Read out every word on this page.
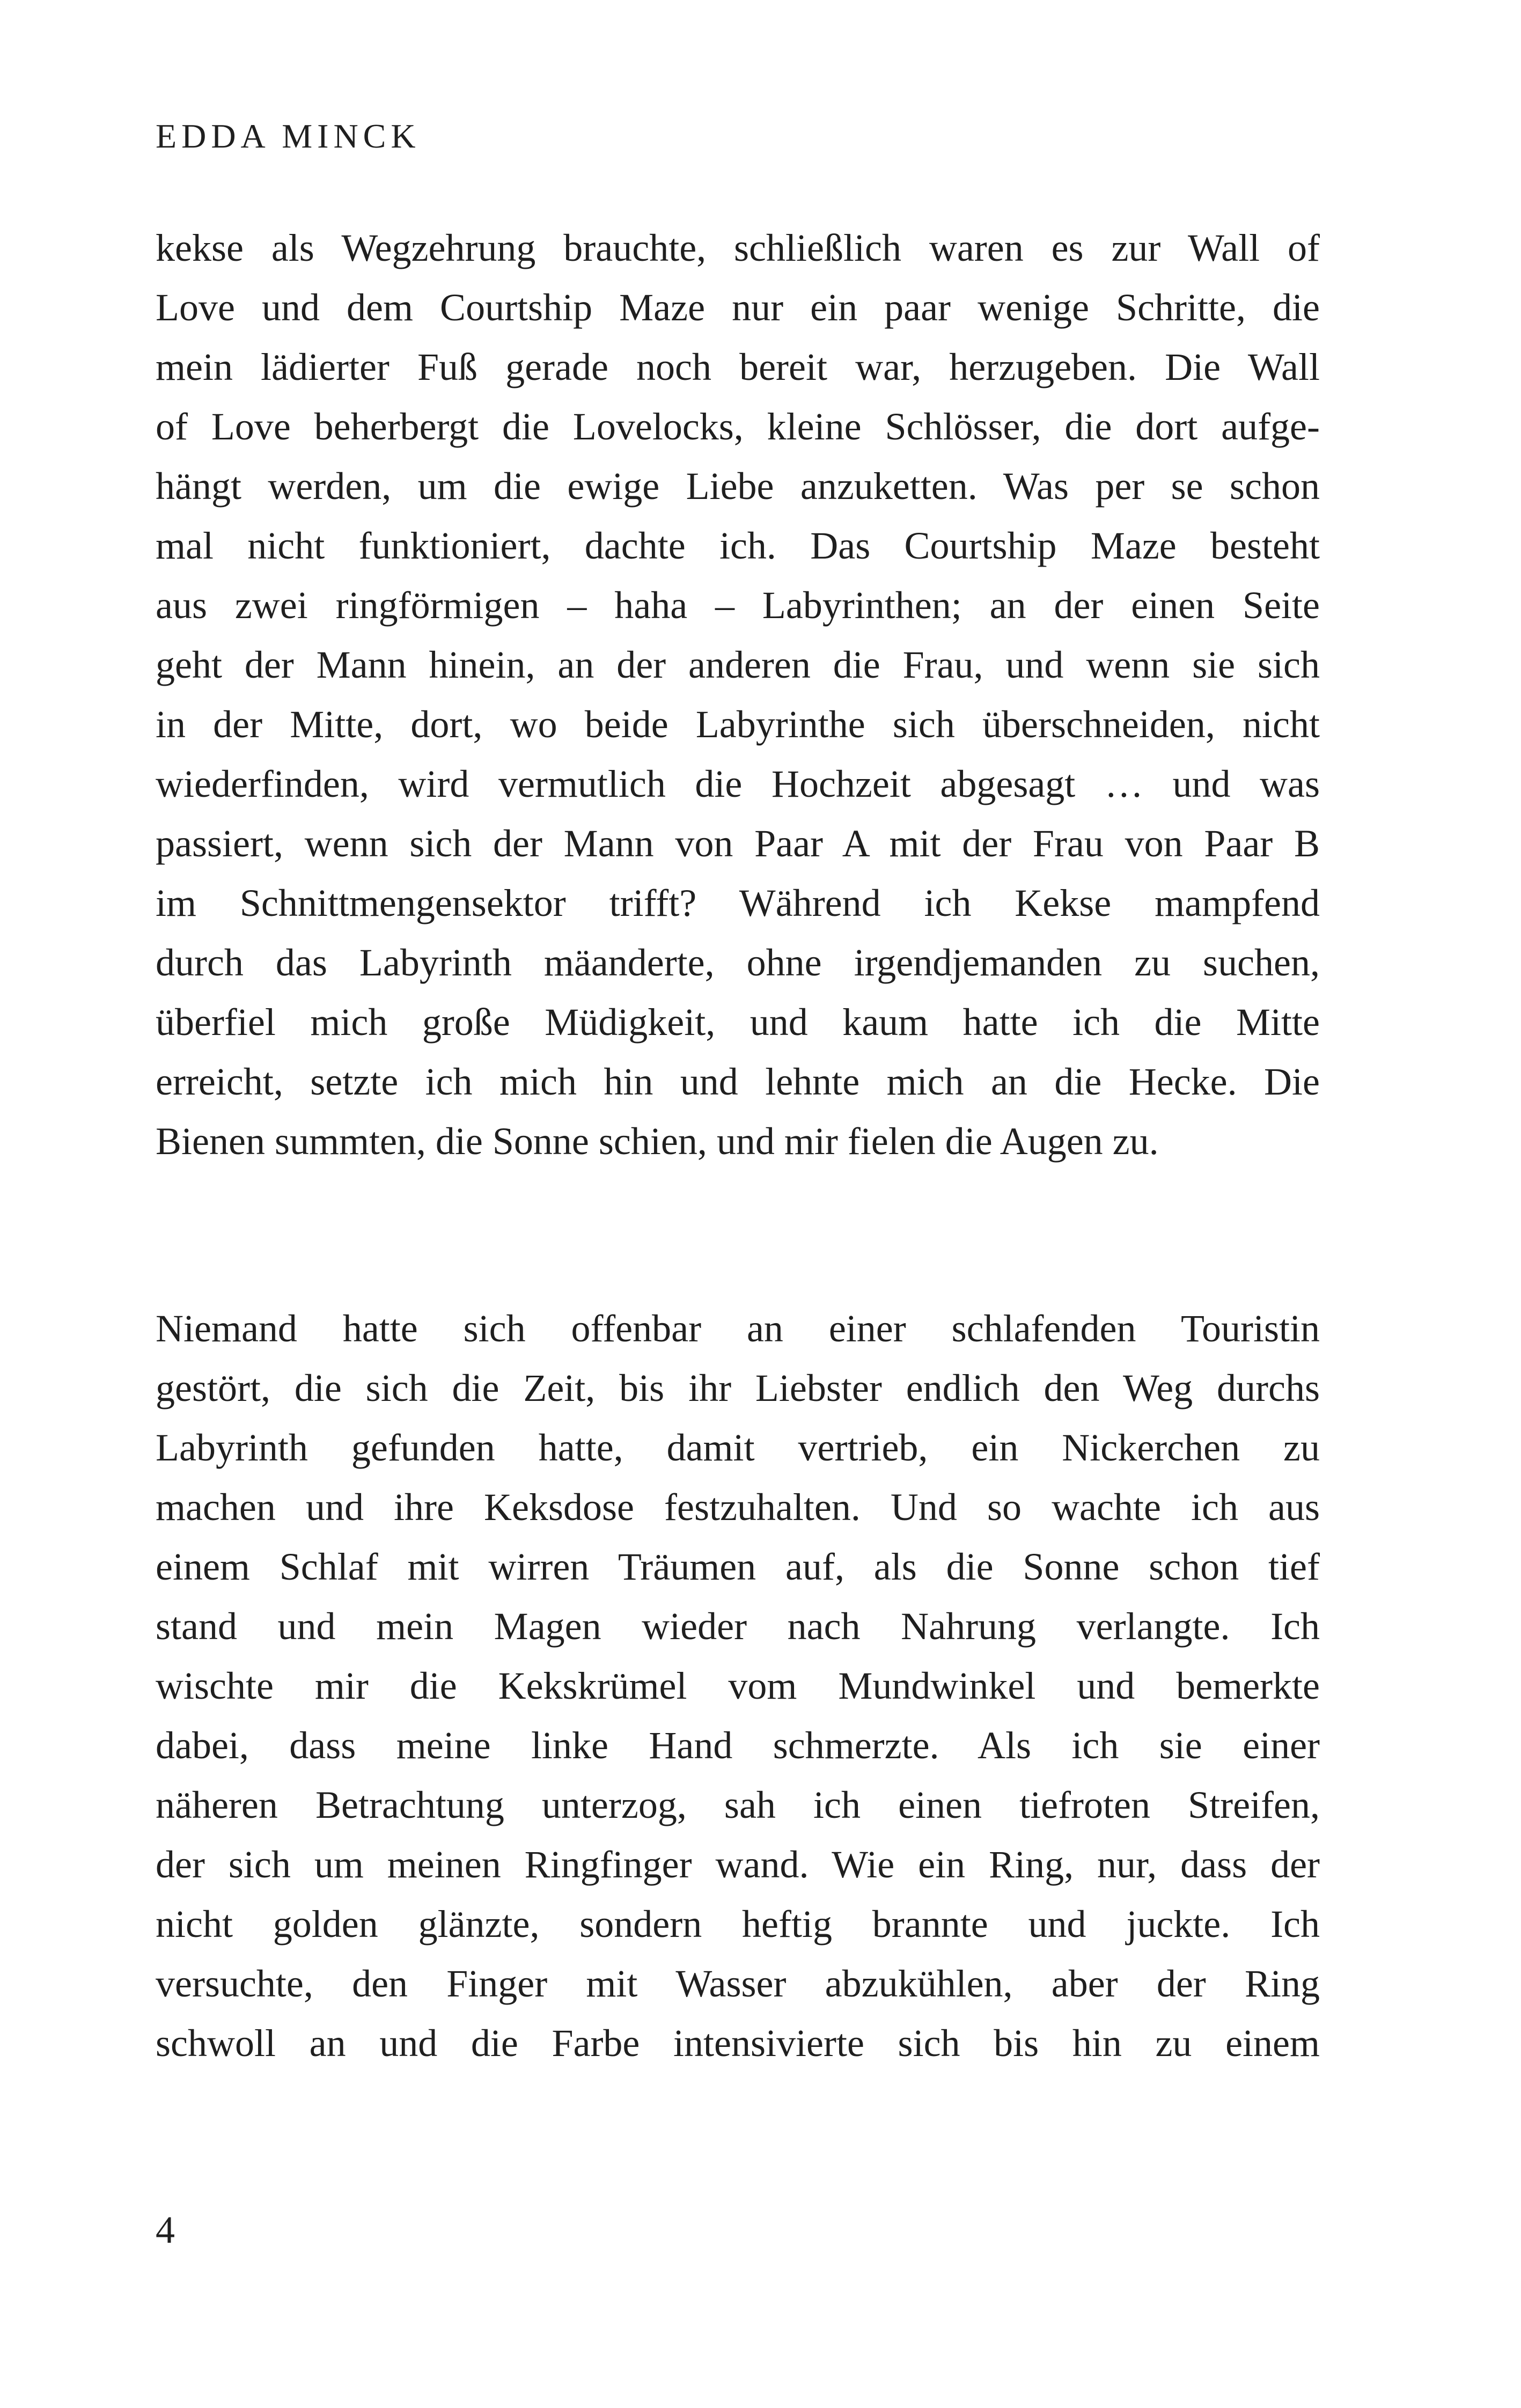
EDDA MINCK
kekse als Wegzehrung brauchte, schließlich waren es zur Wall of
Love und dem Courtship Maze nur ein paar wenige Schritte, die
mein lädierter Fuß gerade noch bereit war, herzugeben. Die Wall
of Love beherbergt die Lovelocks, kleine Schlösser, die dort aufge-
hängt werden, um die ewige Liebe anzuketten. Was per se schon
mal nicht funktioniert, dachte ich. Das Courtship Maze besteht
aus zwei ringförmigen – haha – Labyrinthen; an der einen Seite
geht der Mann hinein, an der anderen die Frau, und wenn sie sich
in der Mitte, dort, wo beide Labyrinthe sich überschneiden, nicht
wiederfinden, wird vermutlich die Hochzeit abgesagt … und was
passiert, wenn sich der Mann von Paar A mit der Frau von Paar B
im Schnittmengensektor trifft? Während ich Kekse mampfend
durch das Labyrinth mäanderte, ohne irgendjemanden zu suchen,
überfiel mich große Müdigkeit, und kaum hatte ich die Mitte
erreicht, setzte ich mich hin und lehnte mich an die Hecke. Die
Bienen summten, die Sonne schien, und mir fielen die Augen zu.
Niemand hatte sich offenbar an einer schlafenden Touristin
gestört, die sich die Zeit, bis ihr Liebster endlich den Weg durchs
Labyrinth gefunden hatte, damit vertrieb, ein Nickerchen zu
machen und ihre Keksdose festzuhalten. Und so wachte ich aus
einem Schlaf mit wirren Träumen auf, als die Sonne schon tief
stand und mein Magen wieder nach Nahrung verlangte. Ich
wischte mir die Kekskrümel vom Mundwinkel und bemerkte
dabei, dass meine linke Hand schmerzte. Als ich sie einer
näheren Betrachtung unterzog, sah ich einen tiefroten Streifen,
der sich um meinen Ringfinger wand. Wie ein Ring, nur, dass der
nicht golden glänzte, sondern heftig brannte und juckte. Ich
versuchte, den Finger mit Wasser abzukühlen, aber der Ring
schwoll an und die Farbe intensivierte sich bis hin zu einem
4
